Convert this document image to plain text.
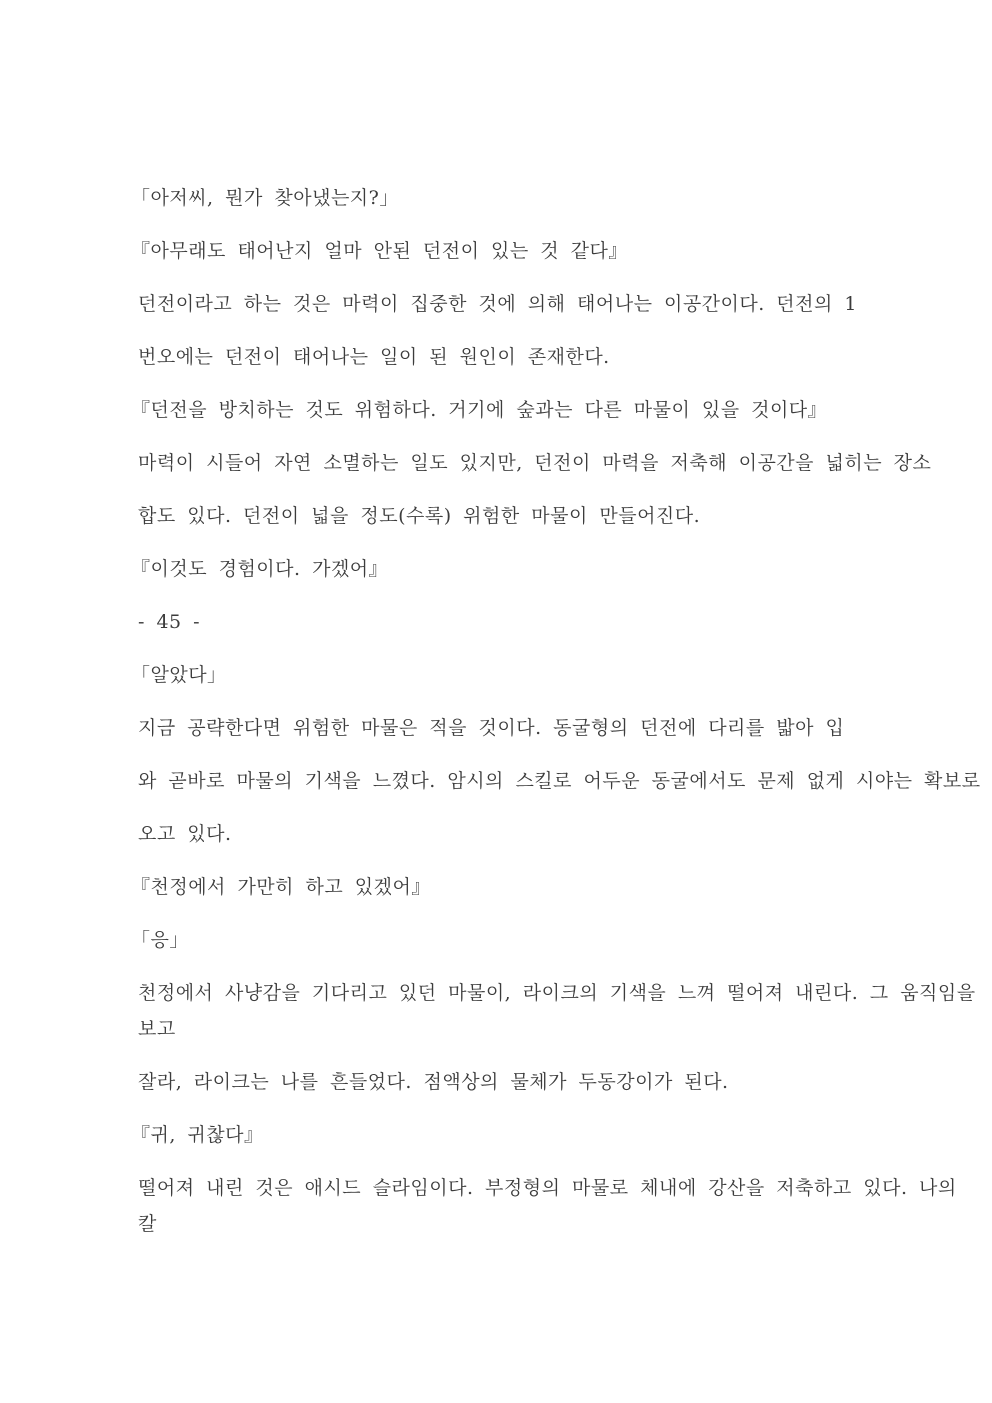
「아저씨, 뭔가 찾아냈는지?」
『아무래도 태어난지 얼마 안된 던전이 있는 것 같다』
던전이라고 하는 것은 마력이 집중한 것에 의해 태어나는 이공간이다. 던전의 1
번오에는 던전이 태어나는 일이 된 원인이 존재한다.
『던전을 방치하는 것도 위험하다. 거기에 숲과는 다른 마물이 있을 것이다』
마력이 시들어 자연 소멸하는 일도 있지만, 던전이 마력을 저축해 이공간을 넓히는 장소
합도 있다. 던전이 넓을 정도(수록) 위험한 마물이 만들어진다.
『이것도 경험이다. 가겠어』
- 45 -
「알았다」
지금 공략한다면 위험한 마물은 적을 것이다. 동굴형의 던전에 다리를 밟아 입
와 곧바로 마물의 기색을 느꼈다. 암시의 스킬로 어두운 동굴에서도 문제 없게 시야는 확보로
오고 있다.
『천정에서 가만히 하고 있겠어』
「응」
천정에서 사냥감을 기다리고 있던 마물이, 라이크의 기색을 느껴 떨어져 내린다. 그 움직임을
보고
잘라, 라이크는 나를 흔들었다. 점액상의 물체가 두동강이가 된다.
『귀, 귀찮다』
떨어져 내린 것은 애시드 슬라임이다. 부정형의 마물로 체내에 강산을 저축하고 있다. 나의
칼
